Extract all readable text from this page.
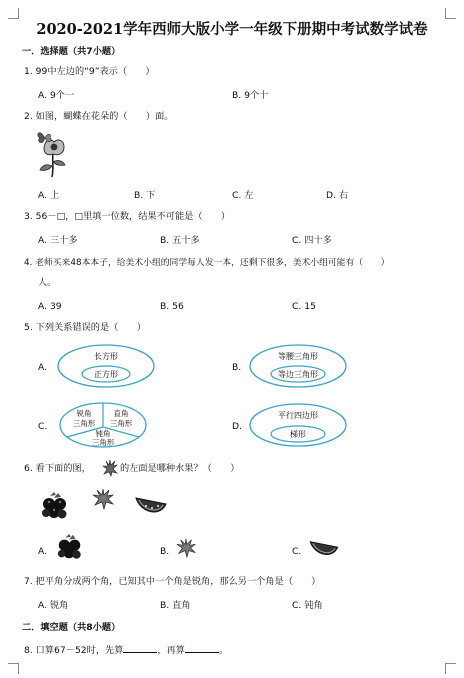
2020-2021学年西师大版小学一年级下册期中考试数学试卷
一．选择题（共7小题）
1. 99中左边的“9”表示（　　）
A. 9个一	B. 9个十
2. 如图，蝴蝶在花朵的（　　）面。
A. 上	B. 下	C. 左	D. 右
3. 56－□，□里填一位数，结果不可能是（　　）
A. 三十多	B. 五十多	C. 四十多
4. 老师买来48本本子，给美术小组的同学每人发一本，还剩下很多，美术小组可能有（　　）
人。
A. 39	B. 56	C. 15
5. 下列关系错误的是（　　）
A.
长方形
正方形
B.
等腰三角形
等边三角形
C.
锐角
三角形
直角
三角形
钝角
三角形
D.
平行四边形
梯形
6. 看下面的图，	的左面是哪种水果？（　　）
A.	B.	C.
7. 把平角分成两个角，已知其中一个角是锐角，那么另一个角是（　　）
A. 锐角	B. 直角	C. 钝角
二．填空题（共8小题）
8. 口算67－52时，先算	，再算	。
